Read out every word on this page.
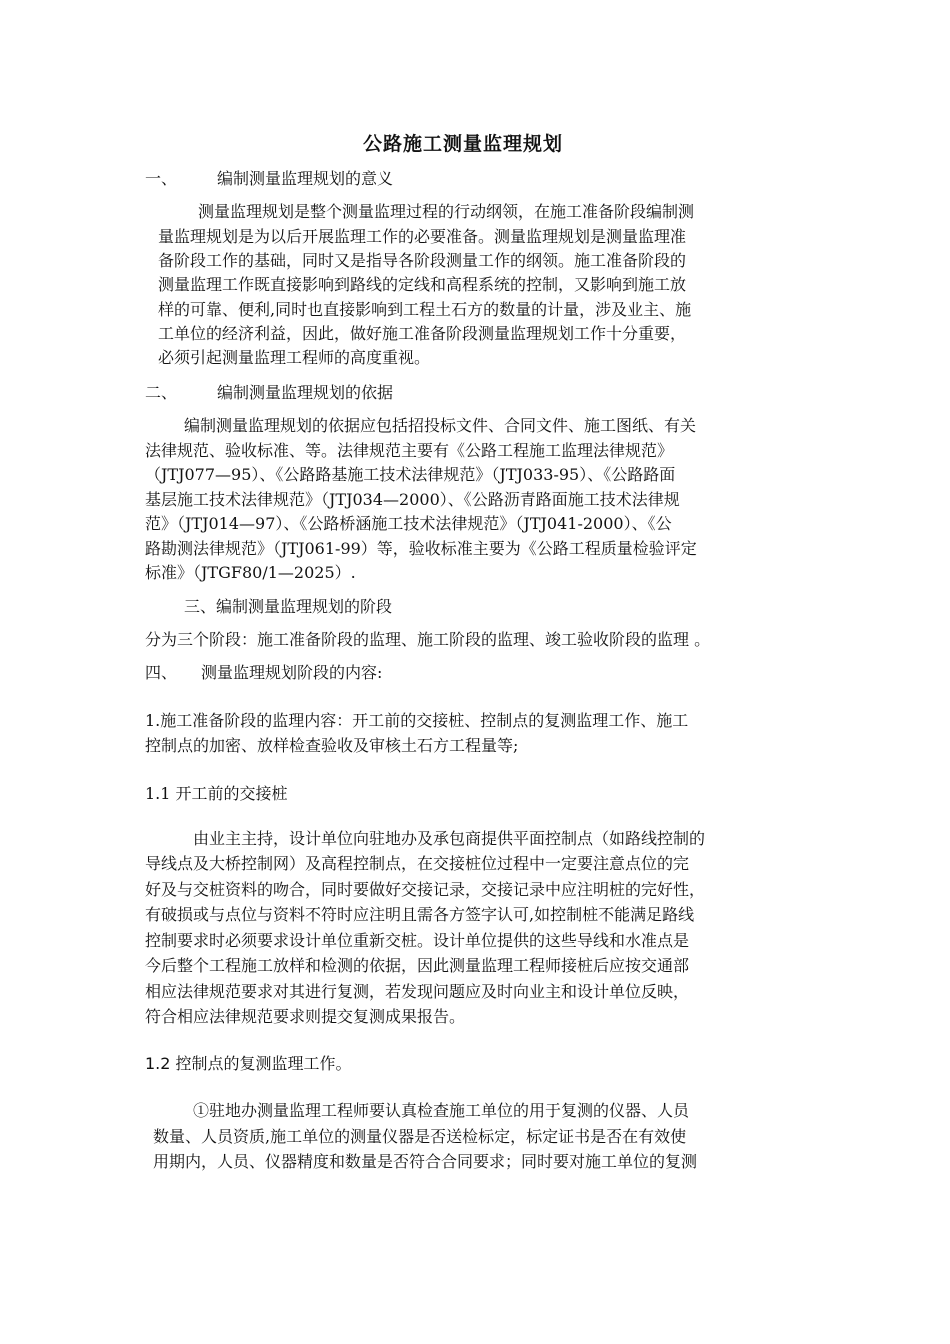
公路施工测量监理规划
一、 编制测量监理规划的意义
测量监理规划是整个测量监理过程的行动纲领，在施工准备阶段编制测
量监理规划是为以后开展监理工作的必要准备。测量监理规划是测量监理准
备阶段工作的基础，同时又是指导各阶段测量工作的纲领。施工准备阶段的
测量监理工作既直接影响到路线的定线和高程系统的控制，又影响到施工放
样的可靠、便利,同时也直接影响到工程土石方的数量的计量，涉及业主、施
工单位的经济利益，因此，做好施工准备阶段测量监理规划工作十分重要，
必须引起测量监理工程师的高度重视。
二、 编制测量监理规划的依据
编制测量监理规划的依据应包括招投标文件、合同文件、施工图纸、有关
法律规范、验收标准、等。法律规范主要有《公路工程施工监理法律规范》
（JTJ077—95）、《公路路基施工技术法律规范》（JTJ033-95）、《公路路面
基层施工技术法律规范》（JTJ034—2000）、《公路沥青路面施工技术法律规
范》（JTJ014—97）、《公路桥涵施工技术法律规范》（JTJ041-2000）、《公
路勘测法律规范》（JTJ061-99）等，验收标准主要为《公路工程质量检验评定
标准》（JTGF80/1—2025）.
三、编制测量监理规划的阶段
分为三个阶段：施工准备阶段的监理、施工阶段的监理、竣工验收阶段的监理 。
四、 测量监理规划阶段的内容:
1.施工准备阶段的监理内容：开工前的交接桩、控制点的复测监理工作、施工
控制点的加密、放样检查验收及审核土石方工程量等;
1.1 开工前的交接桩
由业主主持，设计单位向驻地办及承包商提供平面控制点（如路线控制的
导线点及大桥控制网）及高程控制点，在交接桩位过程中一定要注意点位的完
好及与交桩资料的吻合，同时要做好交接记录，交接记录中应注明桩的完好性，
有破损或与点位与资料不符时应注明且需各方签字认可,如控制桩不能满足路线
控制要求时必须要求设计单位重新交桩。设计单位提供的这些导线和水准点是
今后整个工程施工放样和检测的依据，因此测量监理工程师接桩后应按交通部
相应法律规范要求对其进行复测，若发现问题应及时向业主和设计单位反映，
符合相应法律规范要求则提交复测成果报告。
1.2 控制点的复测监理工作。
①驻地办测量监理工程师要认真检查施工单位的用于复测的仪器、人员
数量、人员资质,施工单位的测量仪器是否送检标定，标定证书是否在有效使
用期内，人员、仪器精度和数量是否符合合同要求；同时要对施工单位的复测
